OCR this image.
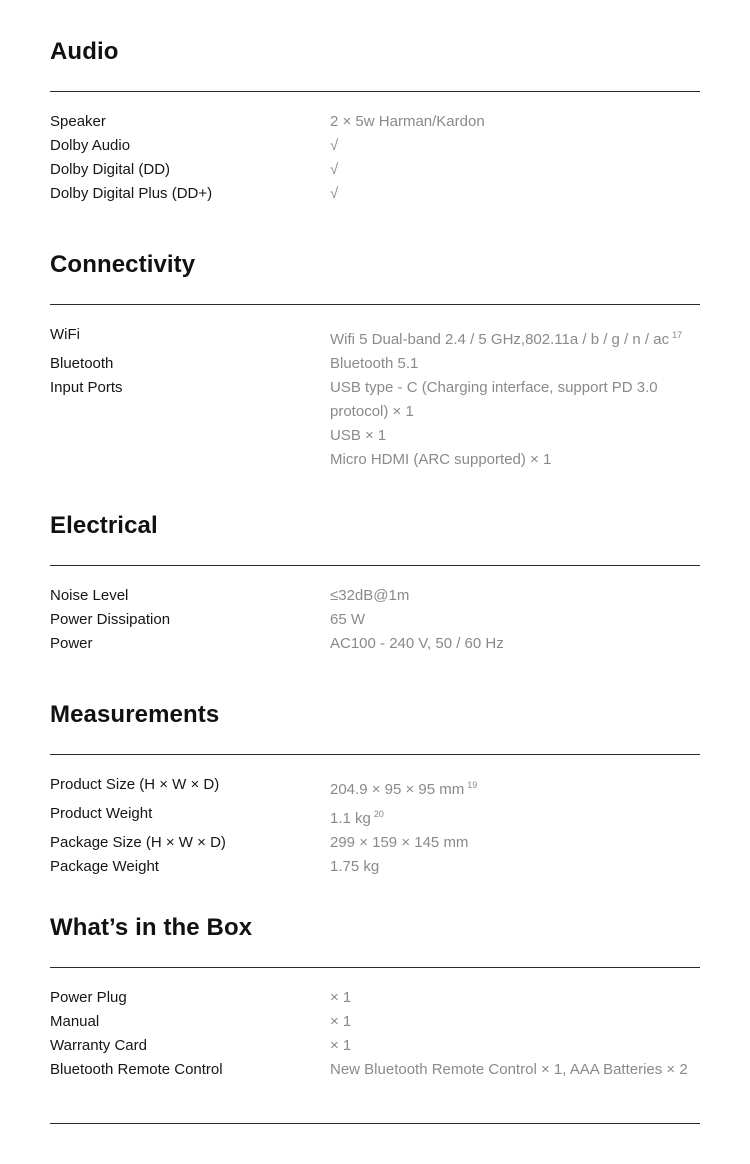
Audio
Speaker	2 × 5w Harman/Kardon
Dolby Audio	√
Dolby Digital (DD)	√
Dolby Digital Plus (DD+)	√
Connectivity
WiFi	Wifi 5 Dual-band 2.4 / 5 GHz,802.11a / b / g / n / ac $^{17}$
Bluetooth	Bluetooth 5.1
Input Ports	USB type - C (Charging interface, support PD 3.0
protocol) × 1
USB × 1
Micro HDMI (ARC supported) × 1
Electrical
Noise Level	≤32dB@1m
Power Dissipation	65 W
Power	AC100 - 240 V, 50 / 60 Hz
Measurements
Product Size (H × W × D)	204.9 × 95 × 95 mm $^{19}$
Product Weight	1.1 kg $^{20}$
Package Size (H × W × D)	299 × 159 × 145 mm
Package Weight	1.75 kg
What’s in the Box
Power Plug	× 1
Manual	× 1
Warranty Card	× 1
Bluetooth Remote Control	New Bluetooth Remote Control × 1, AAA Batteries × 2
